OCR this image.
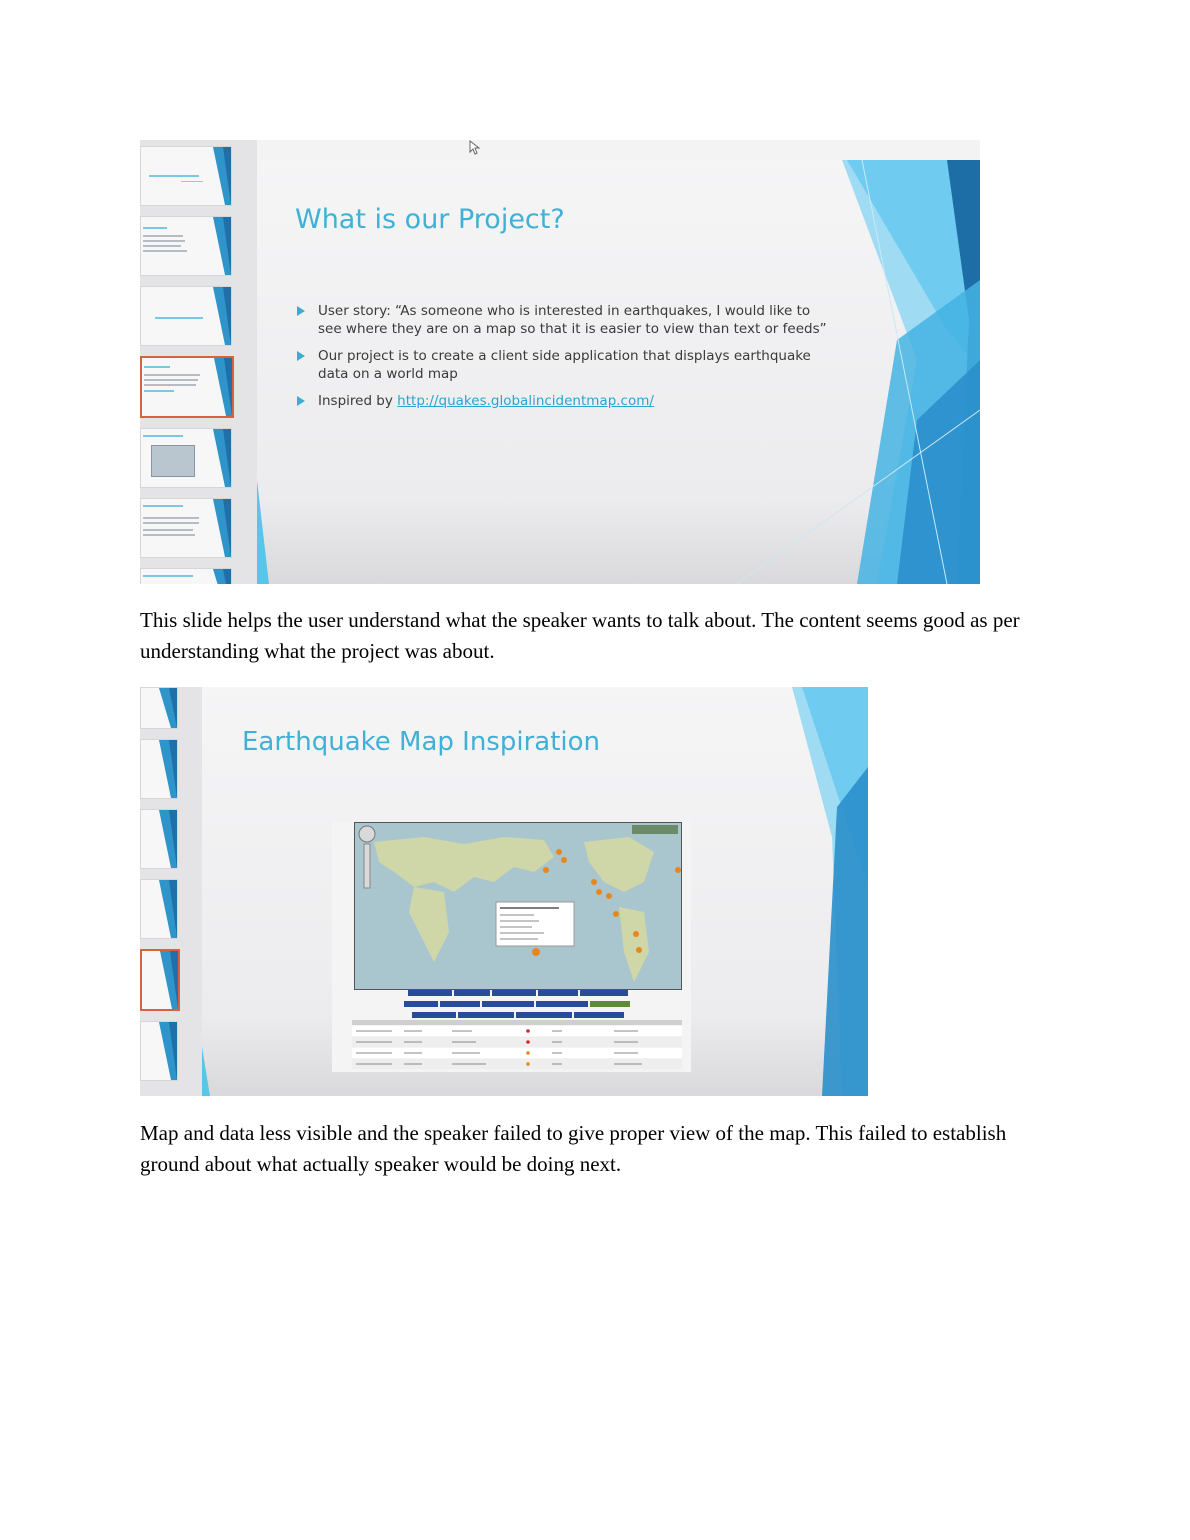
What is our Project?
User story: “As someone who is interested in earthquakes, I would like to see where they are on a map so that it is easier to view than text or feeds”
Our project is to create a client side application that displays earthquake data on a world map
Inspired by http://quakes.globalincidentmap.com/

This slide helps the user understand what the speaker wants to talk about. The content seems good as per understanding what the project was about.

Earthquake Map Inspiration

Map and data less visible and the speaker failed to give proper view of the map. This failed to establish ground about what actually speaker would be doing next.
